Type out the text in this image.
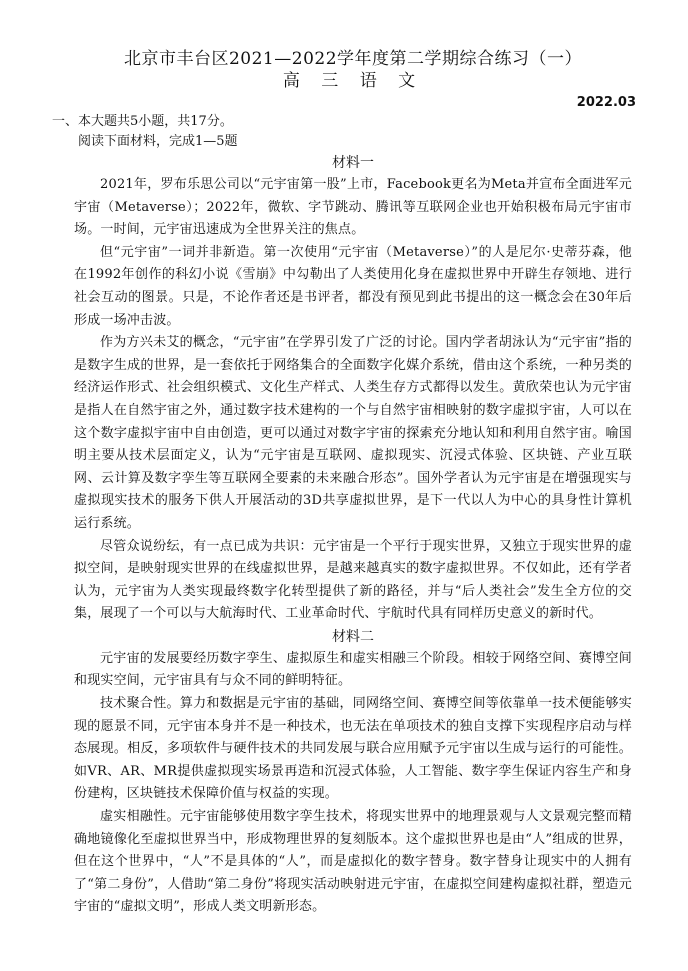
北京市丰台区2021—2022学年度第二学期综合练习（一）
高 三 语 文
2022.03
一、本大题共5小题，共17分。
阅读下面材料，完成1—5题
材料一

2021年，罗布乐思公司以“元宇宙第一股”上市，Facebook更名为Meta并宣布全面进军元宇宙（Metaverse）；2022年，微软、字节跳动、腾讯等互联网企业也开始积极布局元宇宙市场。一时间，元宇宙迅速成为全世界关注的焦点。

但“元宇宙”一词并非新造。第一次使用“元宇宙（Metaverse）”的人是尼尔·史蒂芬森，他在1992年创作的科幻小说《雪崩》中勾勒出了人类使用化身在虚拟世界中开辟生存领地、进行社会互动的图景。只是，不论作者还是书评者，都没有预见到此书提出的这一概念会在30年后形成一场冲击波。

作为方兴未艾的概念，“元宇宙”在学界引发了广泛的讨论。国内学者胡泳认为“元宇宙”指的是数字生成的世界，是一套依托于网络集合的全面数字化媒介系统，借由这个系统，一种另类的经济运作形式、社会组织模式、文化生产样式、人类生存方式都得以发生。黄欣荣也认为元宇宙是指人在自然宇宙之外，通过数字技术建构的一个与自然宇宙相映射的数字虚拟宇宙，人可以在这个数字虚拟宇宙中自由创造，更可以通过对数字宇宙的探索充分地认知和利用自然宇宙。喻国明主要从技术层面定义，认为“元宇宙是互联网、虚拟现实、沉浸式体验、区块链、产业互联网、云计算及数字孪生等互联网全要素的未来融合形态”。国外学者认为元宇宙是在增强现实与虚拟现实技术的服务下供人开展活动的3D共享虚拟世界，是下一代以人为中心的具身性计算机运行系统。

尽管众说纷纭，有一点已成为共识：元宇宙是一个平行于现实世界，又独立于现实世界的虚拟空间，是映射现实世界的在线虚拟世界，是越来越真实的数字虚拟世界。不仅如此，还有学者认为，元宇宙为人类实现最终数字化转型提供了新的路径，并与“后人类社会”发生全方位的交集，展现了一个可以与大航海时代、工业革命时代、宇航时代具有同样历史意义的新时代。

材料二

元宇宙的发展要经历数字孪生、虚拟原生和虚实相融三个阶段。相较于网络空间、赛博空间和现实空间，元宇宙具有与众不同的鲜明特征。

技术聚合性。算力和数据是元宇宙的基础，同网络空间、赛博空间等依靠单一技术便能够实现的愿景不同，元宇宙本身并不是一种技术，也无法在单项技术的独自支撑下实现程序启动与样态展现。相反，多项软件与硬件技术的共同发展与联合应用赋予元宇宙以生成与运行的可能性。如VR、AR、MR提供虚拟现实场景再造和沉浸式体验，人工智能、数字孪生保证内容生产和身份建构，区块链技术保障价值与权益的实现。

虚实相融性。元宇宙能够使用数字孪生技术，将现实世界中的地理景观与人文景观完整而精确地镜像化至虚拟世界当中，形成物理世界的复刻版本。这个虚拟世界也是由“人”组成的世界，但在这个世界中，“人”不是具体的“人”，而是虚拟化的数字替身。数字替身让现实中的人拥有了“第二身份”，人借助“第二身份”将现实活动映射进元宇宙，在虚拟空间建构虚拟社群，塑造元宇宙的“虚拟文明”，形成人类文明新形态。
